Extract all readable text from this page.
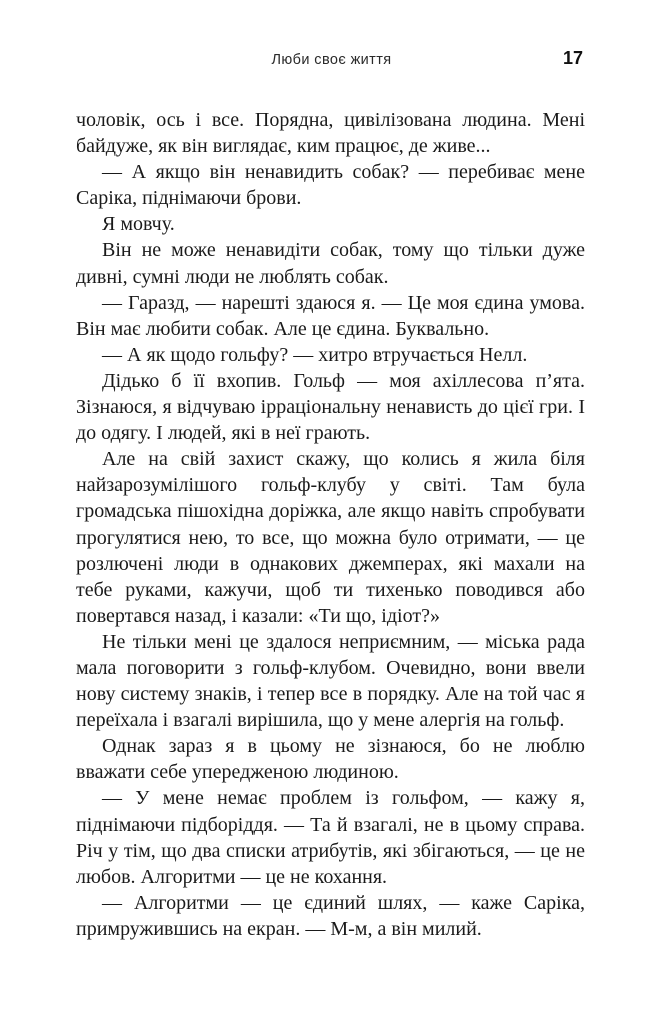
Люби своє життя	17

чоловік, ось і все. Порядна, цивілізована людина. Мені байдуже, як він виглядає, ким працює, де живе...

— А якщо він ненавидить собак? — перебиває мене Саріка, піднімаючи брови.

Я мовчу.

Він не може ненавидіти собак, тому що тільки дуже дивні, сумні люди не люблять собак.

— Гаразд, — нарешті здаюся я. — Це моя єдина умова. Він має любити собак. Але це єдина. Буквально.

— А як щодо гольфу? — хитро втручається Нелл.

Дідько б її вхопив. Гольф — моя ахіллесова п’ята. Зізнаюся, я відчуваю ірраціональну ненависть до цієї гри. І до одягу. І людей, які в неї грають.

Але на свій захист скажу, що колись я жила біля найзарозумілішого гольф-клубу у світі. Там була громадська пішохідна доріжка, але якщо навіть спробувати прогулятися нею, то все, що можна було отримати, — це розлючені люди в однакових джемперах, які махали на тебе руками, кажучи, щоб ти тихенько поводився або повертався назад, і казали: «Ти що, ідіот?»

Не тільки мені це здалося неприємним, — міська рада мала поговорити з гольф-клубом. Очевидно, вони ввели нову систему знаків, і тепер все в порядку. Але на той час я переїхала і взагалі вирішила, що у мене алергія на гольф.

Однак зараз я в цьому не зізнаюся, бо не люблю вважати себе упередженою людиною.

— У мене немає проблем із гольфом, — кажу я, піднімаючи підборіддя. — Та й взагалі, не в цьому справа. Річ у тім, що два списки атрибутів, які збігаються, — це не любов. Алгоритми — це не кохання.

— Алгоритми — це єдиний шлях, — каже Саріка, примружившись на екран. — М-м, а він милий.
